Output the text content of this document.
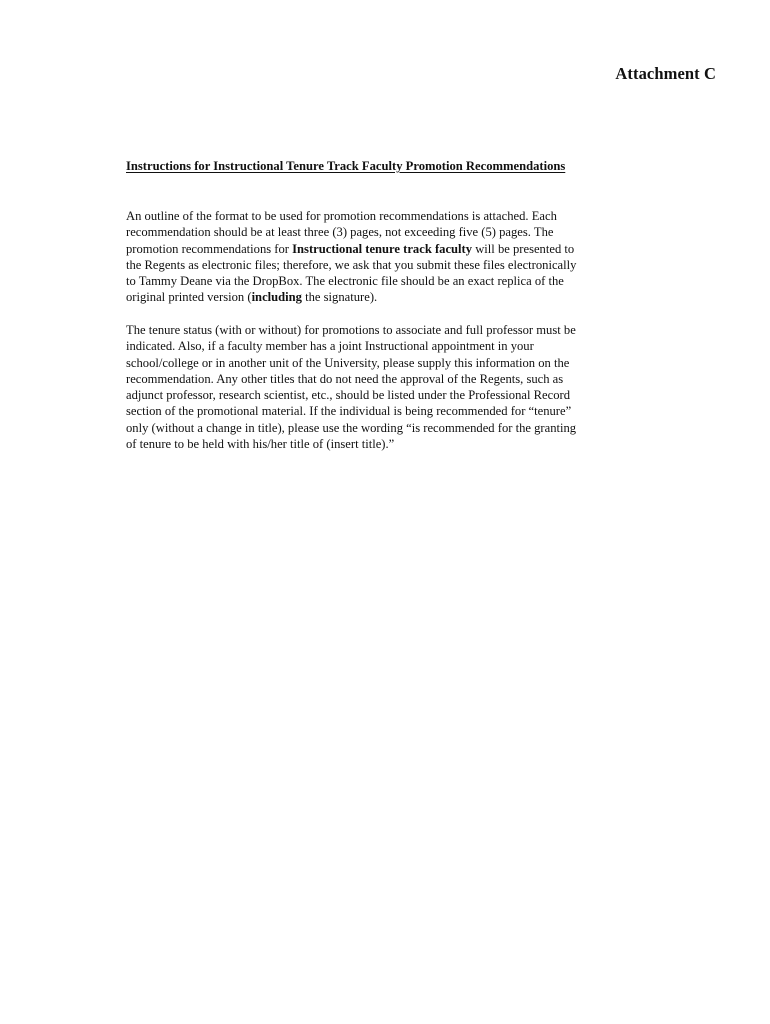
Attachment C
Instructions for Instructional Tenure Track Faculty Promotion Recommendations
An outline of the format to be used for promotion recommendations is attached. Each
recommendation should be at least three (3) pages, not exceeding five (5) pages. The
promotion recommendations for Instructional tenure track faculty will be presented to
the Regents as electronic files; therefore, we ask that you submit these files electronically
to Tammy Deane via the DropBox. The electronic file should be an exact replica of the
original printed version (including the signature).
The tenure status (with or without) for promotions to associate and full professor must be
indicated. Also, if a faculty member has a joint Instructional appointment in your
school/college or in another unit of the University, please supply this information on the
recommendation. Any other titles that do not need the approval of the Regents, such as
adjunct professor, research scientist, etc., should be listed under the Professional Record
section of the promotional material. If the individual is being recommended for “tenure”
only (without a change in title), please use the wording “is recommended for the granting
of tenure to be held with his/her title of (insert title).”
